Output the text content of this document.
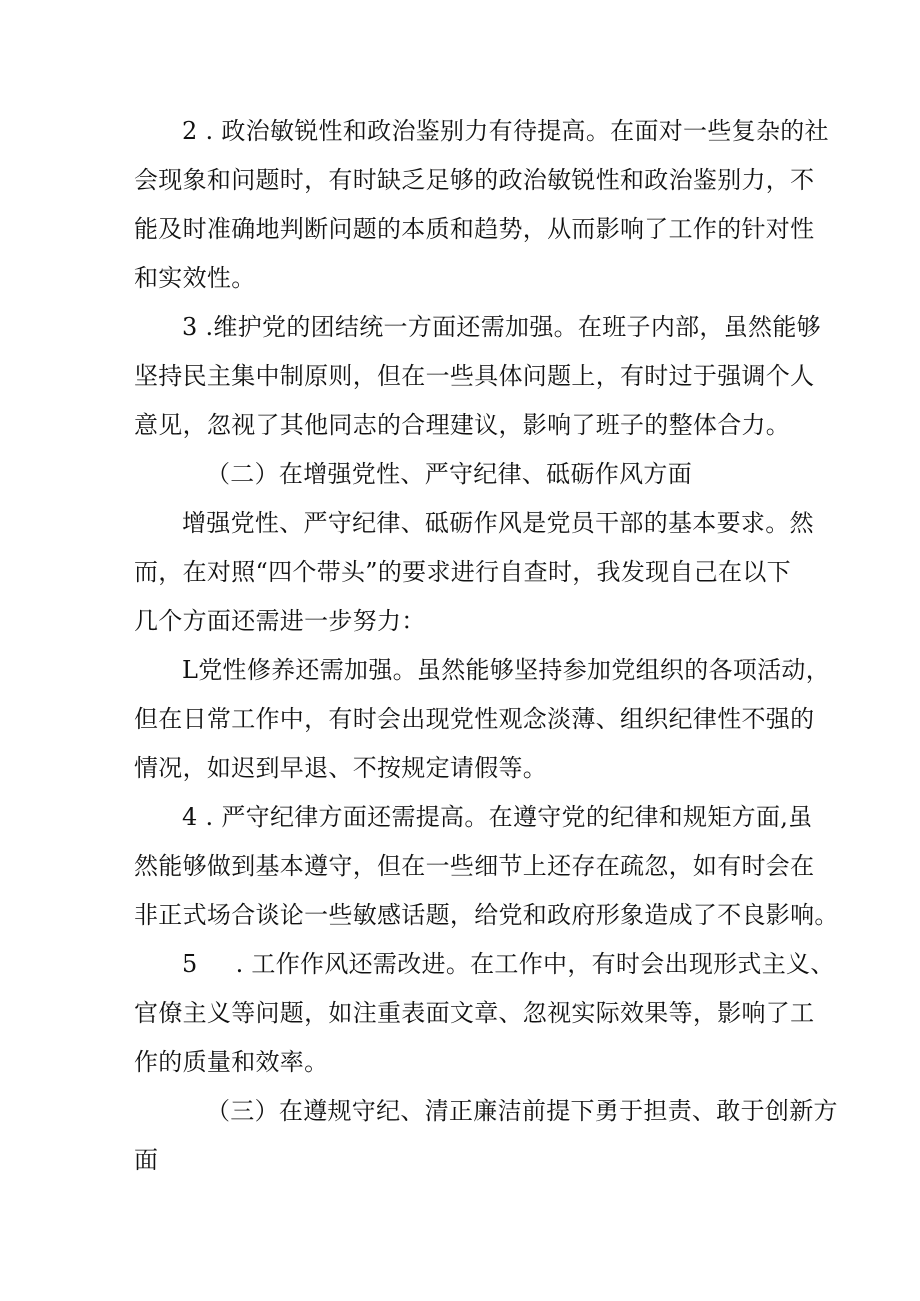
2 . 政治敏锐性和政治鉴别力有待提高。在面对一些复杂的社
会现象和问题时，有时缺乏足够的政治敏锐性和政治鉴别力，不
能及时准确地判断问题的本质和趋势，从而影响了工作的针对性
和实效性。
3 .维护党的团结统一方面还需加强。在班子内部，虽然能够
坚持民主集中制原则，但在一些具体问题上，有时过于强调个人
意见，忽视了其他同志的合理建议，影响了班子的整体合力。
（二）在增强党性、严守纪律、砥砺作风方面
增强党性、严守纪律、砥砺作风是党员干部的基本要求。然
而，在对照“四个带头”的要求进行自查时，我发现自己在以下
几个方面还需进一步努力：
L党性修养还需加强。虽然能够坚持参加党组织的各项活动，
但在日常工作中，有时会出现党性观念淡薄、组织纪律性不强的
情况，如迟到早退、不按规定请假等。
4 . 严守纪律方面还需提高。在遵守党的纪律和规矩方面,虽
然能够做到基本遵守，但在一些细节上还存在疏忽，如有时会在
非正式场合谈论一些敏感话题，给党和政府形象造成了不良影响。
5 . 工作作风还需改进。在工作中，有时会出现形式主义、
官僚主义等问题，如注重表面文章、忽视实际效果等，影响了工
作的质量和效率。
（三）在遵规守纪、清正廉洁前提下勇于担责、敢于创新方
面
